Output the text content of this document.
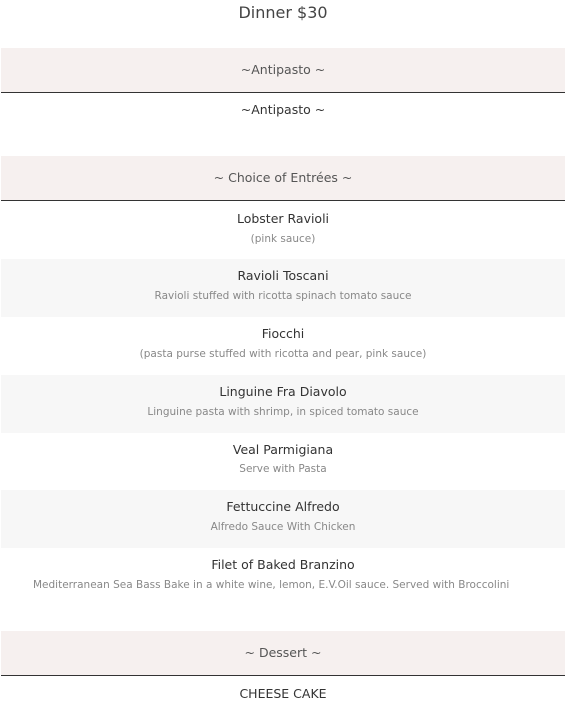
Dinner $30
~Antipasto ~
~Antipasto ~
~ Choice of Entrées ~
Lobster Ravioli
(pink sauce)
Ravioli Toscani
Ravioli stuffed with ricotta spinach tomato sauce
Fiocchi
(pasta purse stuffed with ricotta and pear, pink sauce)
Linguine Fra Diavolo
Linguine pasta with shrimp, in spiced tomato sauce
Veal Parmigiana
Serve with Pasta
Fettuccine Alfredo
Alfredo Sauce With Chicken
Filet of Baked Branzino
Mediterranean Sea Bass Bake in a white wine, lemon, E.V.Oil sauce. Served with Broccolini
~ Dessert ~
CHEESE CAKE
